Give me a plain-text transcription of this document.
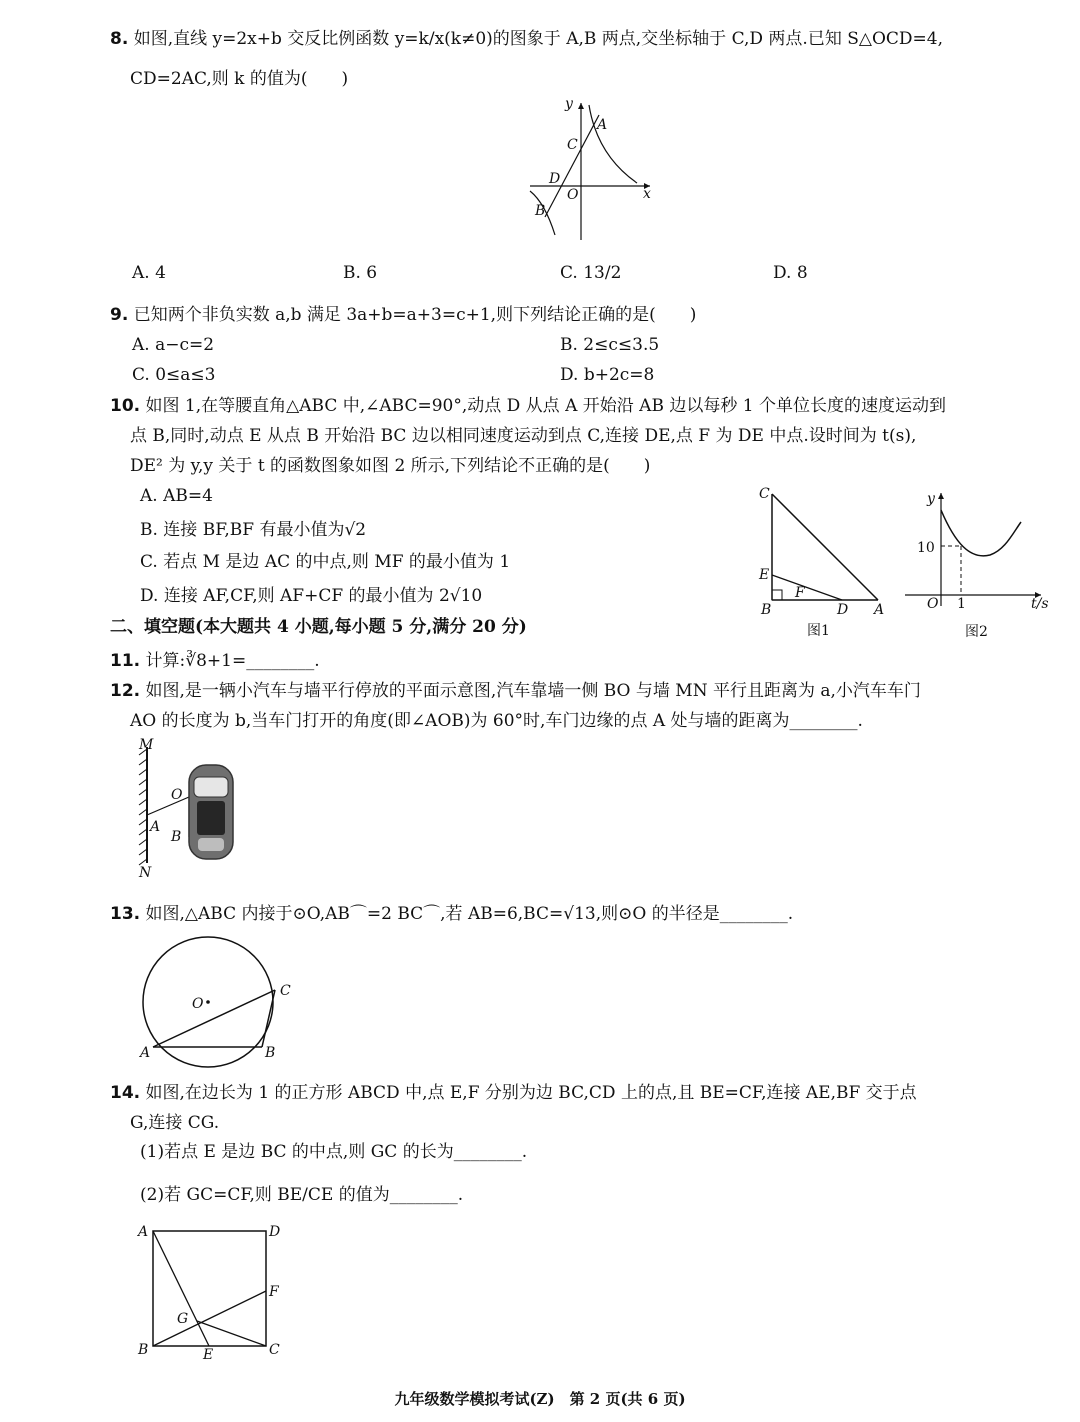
8. 如图,直线 y=2x+b 交反比例函数 y=k/x(k≠0)的图象于 A,B 两点,交坐标轴于 C,D 两点.已知 S△OCD=4,
CD=2AC,则 k 的值为(　　)
y
x
A
C
D
O
B
A. 4	B. 6	C. 13/2	D. 8
9. 已知两个非负实数 a,b 满足 3a+b=a+3=c+1,则下列结论正确的是(　　)
A. a−c=2	B. 2≤c≤3.5
C. 0≤a≤3	D. b+2c=8
10. 如图 1,在等腰直角△ABC 中,∠ABC=90°,动点 D 从点 A 开始沿 AB 边以每秒 1 个单位长度的速度运动到
点 B,同时,动点 E 从点 B 开始沿 BC 边以相同速度运动到点 C,连接 DE,点 F 为 DE 中点.设时间为 t(s),
DE² 为 y,y 关于 t 的函数图象如图 2 所示,下列结论不正确的是(　　)
A. AB=4
B. 连接 BF,BF 有最小值为√2
C. 若点 M 是边 AC 的中点,则 MF 的最小值为 1
D. 连接 AF,CF,则 AF+CF 的最小值为 2√10
C
E
F
B	D A
图1
y
10
O 1	t/s
图2
二、填空题(本大题共 4 小题,每小题 5 分,满分 20 分)
11. 计算:∛8+1=________.
12. 如图,是一辆小汽车与墙平行停放的平面示意图,汽车靠墙一侧 BO 与墙 MN 平行且距离为 a,小汽车车门
AO 的长度为 b,当车门打开的角度(即∠AOB)为 60°时,车门边缘的点 A 处与墙的距离为________.
M
N
O
A
B
13. 如图,△ABC 内接于⊙O,AB⌒=2 BC⌒,若 AB=6,BC=√13,则⊙O 的半径是________.
O
A	B
C
14. 如图,在边长为 1 的正方形 ABCD 中,点 E,F 分别为边 BC,CD 上的点,且 BE=CF,连接 AE,BF 交于点
G,连接 CG.
(1)若点 E 是边 BC 的中点,则 GC 的长为________.
(2)若 GC=CF,则 BE/CE 的值为________.
A	D
F
G
B	E	C
九年级数学模拟考试(Z)　第 2 页(共 6 页)
